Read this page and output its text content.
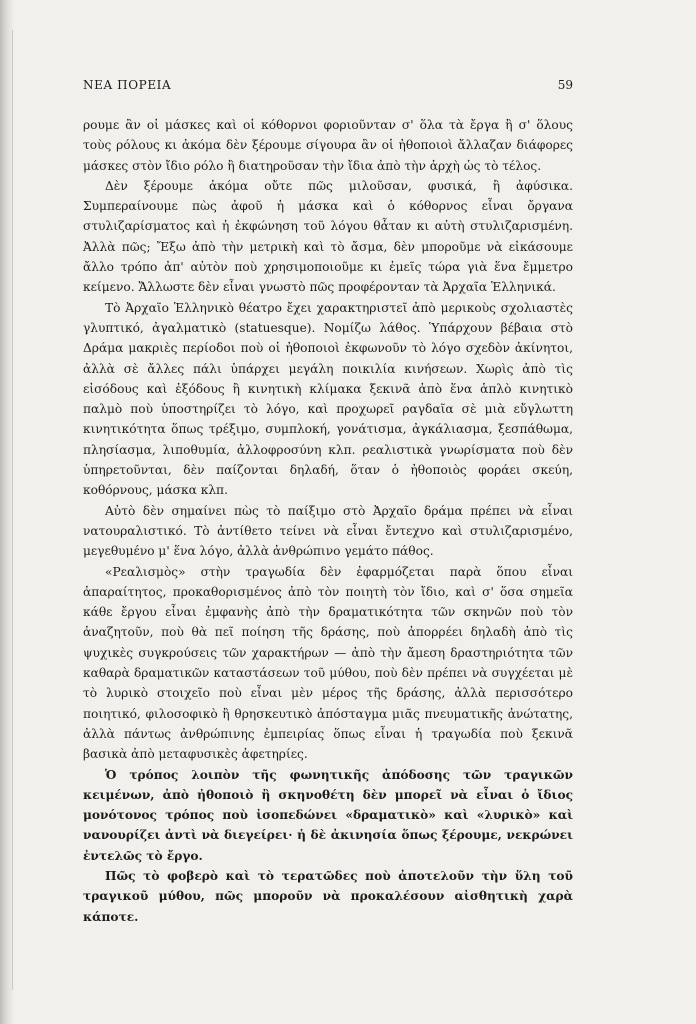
ΝΕΑ ΠΟΡΕΙΑ	59

ρουμε ἂν οἱ μάσκες καὶ οἱ κόθορνοι φοριοῦνταν σ' ὅλα τὰ ἔργα ἢ σ' ὅλους τοὺς ρόλους κι ἀκόμα δὲν ξέρουμε σίγουρα ἂν οἱ ἠθοποιοὶ ἄλλαζαν διάφορες μάσκες στὸν ἴδιο ρόλο ἢ διατηροῦσαν τὴν ἴδια ἀπὸ τὴν ἀρχὴ ὡς τὸ τέλος.

Δὲν ξέρουμε ἀκόμα οὔτε πῶς μιλοῦσαν, φυσικά, ἢ ἀφύσικα. Συμπεραίνουμε πὼς ἀφοῦ ἡ μάσκα καὶ ὁ κόθορνος εἶναι ὄργανα στυλιζαρίσματος καὶ ἡ ἐκφώνηση τοῦ λόγου θἆταν κι αὐτὴ στυλιζαρισμένη. Ἀλλὰ πῶς; Ἔξω ἀπὸ τὴν μετρικὴ καὶ τὸ ἄσμα, δὲν μποροῦμε νὰ εἰκάσουμε ἄλλο τρόπο ἀπ' αὐτὸν ποὺ χρησιμοποιοῦμε κι ἐμεῖς τώρα γιὰ ἕνα ἔμμετρο κείμενο. Ἄλλωστε δὲν εἶναι γνωστὸ πῶς προφέρονταν τὰ Ἀρχαῖα Ἑλληνικά.

Τὸ Ἀρχαῖο Ἑλληνικὸ θέατρο ἔχει χαρακτηριστεῖ ἀπὸ μερικοὺς σχολιαστὲς γλυπτικό, ἀγαλματικὸ (statuesque). Νομίζω λάθος. Ὑπάρχουν βέβαια στὸ Δράμα μακριὲς περίοδοι ποὺ οἱ ἠθοποιοὶ ἐκφωνοῦν τὸ λόγο σχεδὸν ἀκίνητοι, ἀλλὰ σὲ ἄλλες πάλι ὑπάρχει μεγάλη ποικιλία κινήσεων. Χωρὶς ἀπὸ τὶς εἰσόδους καὶ ἐξόδους ἢ κινητικὴ κλίμακα ξεκινᾶ ἀπὸ ἕνα ἁπλὸ κινητικὸ παλμὸ ποὺ ὑποστηρίζει τὸ λόγο, καὶ προχωρεῖ ραγδαῖα σὲ μιὰ εὔγλωττη κινητικότητα ὅπως τρέξιμο, συμπλοκή, γονάτισμα, ἀγκάλιασμα, ξεσπάθωμα, πλησίασμα, λιποθυμία, ἀλλοφροσύνη κλπ. ρεαλιστικὰ γνωρίσματα ποὺ δὲν ὑπηρετοῦνται, δὲν παίζονται δηλαδή, ὅταν ὁ ἠθοποιὸς φοράει σκεύη, κοθόρνους, μάσκα κλπ.

Αὐτὸ δὲν σημαίνει πὼς τὸ παίξιμο στὸ Ἀρχαῖο δράμα πρέπει νὰ εἶναι νατουραλιστικό. Τὸ ἀντίθετο τείνει νὰ εἶναι ἔντεχνο καὶ στυλιζαρισμένο, μεγεθυμένο μ' ἕνα λόγο, ἀλλὰ ἀνθρώπινο γεμάτο πάθος.

«Ρεαλισμὸς» στὴν τραγωδία δὲν ἐφαρμόζεται παρὰ ὅπου εἶναι ἀπαραίτητος, προκαθορισμένος ἀπὸ τὸν ποιητὴ τὸν ἴδιο, καὶ σ' ὅσα σημεῖα κάθε ἔργου εἶναι ἐμφανὴς ἀπὸ τὴν δραματικότητα τῶν σκηνῶν ποὺ τὸν ἀναζητοῦν, ποὺ θὰ πεῖ ποίηση τῆς δράσης, ποὺ ἀπορρέει δηλαδὴ ἀπὸ τὶς ψυχικὲς συγκρούσεις τῶν χαρακτήρων — ἀπὸ τὴν ἄμεση δραστηριότητα τῶν καθαρὰ δραματικῶν καταστάσεων τοῦ μύθου, ποὺ δὲν πρέπει νὰ συγχέεται μὲ τὸ λυρικὸ στοιχεῖο ποὺ εἶναι μὲν μέρος τῆς δράσης, ἀλλὰ περισσότερο ποιητικό, φιλοσοφικὸ ἢ θρησκευτικὸ ἀπόσταγμα μιᾶς πνευματικῆς ἀνώτατης, ἀλλὰ πάντως ἀνθρώπινης ἐμπειρίας ὅπως εἶναι ἡ τραγωδία ποὺ ξεκινᾶ βασικὰ ἀπὸ μεταφυσικὲς ἀφετηρίες.

Ὁ τρόπος λοιπὸν τῆς φωνητικῆς ἀπόδοσης τῶν τραγικῶν κειμένων, ἀπὸ ἠθοποιὸ ἢ σκηνοθέτη δὲν μπορεῖ νὰ εἶναι ὁ ἴδιος μονότονος τρόπος ποὺ ἰσοπεδώνει «δραματικὸ» καὶ «λυρικὸ» καὶ νανουρίζει ἀντὶ νὰ διεγείρει· ἡ δὲ ἀκινησία ὅπως ξέρουμε, νεκρώνει ἐντελῶς τὸ ἔργο.

Πῶς τὸ φοβερὸ καὶ τὸ τερατῶδες ποὺ ἀποτελοῦν τὴν ὕλη τοῦ τραγικοῦ μύθου, πῶς μποροῦν νὰ προκαλέσουν αἰσθητικὴ χαρὰ κάποτε.
